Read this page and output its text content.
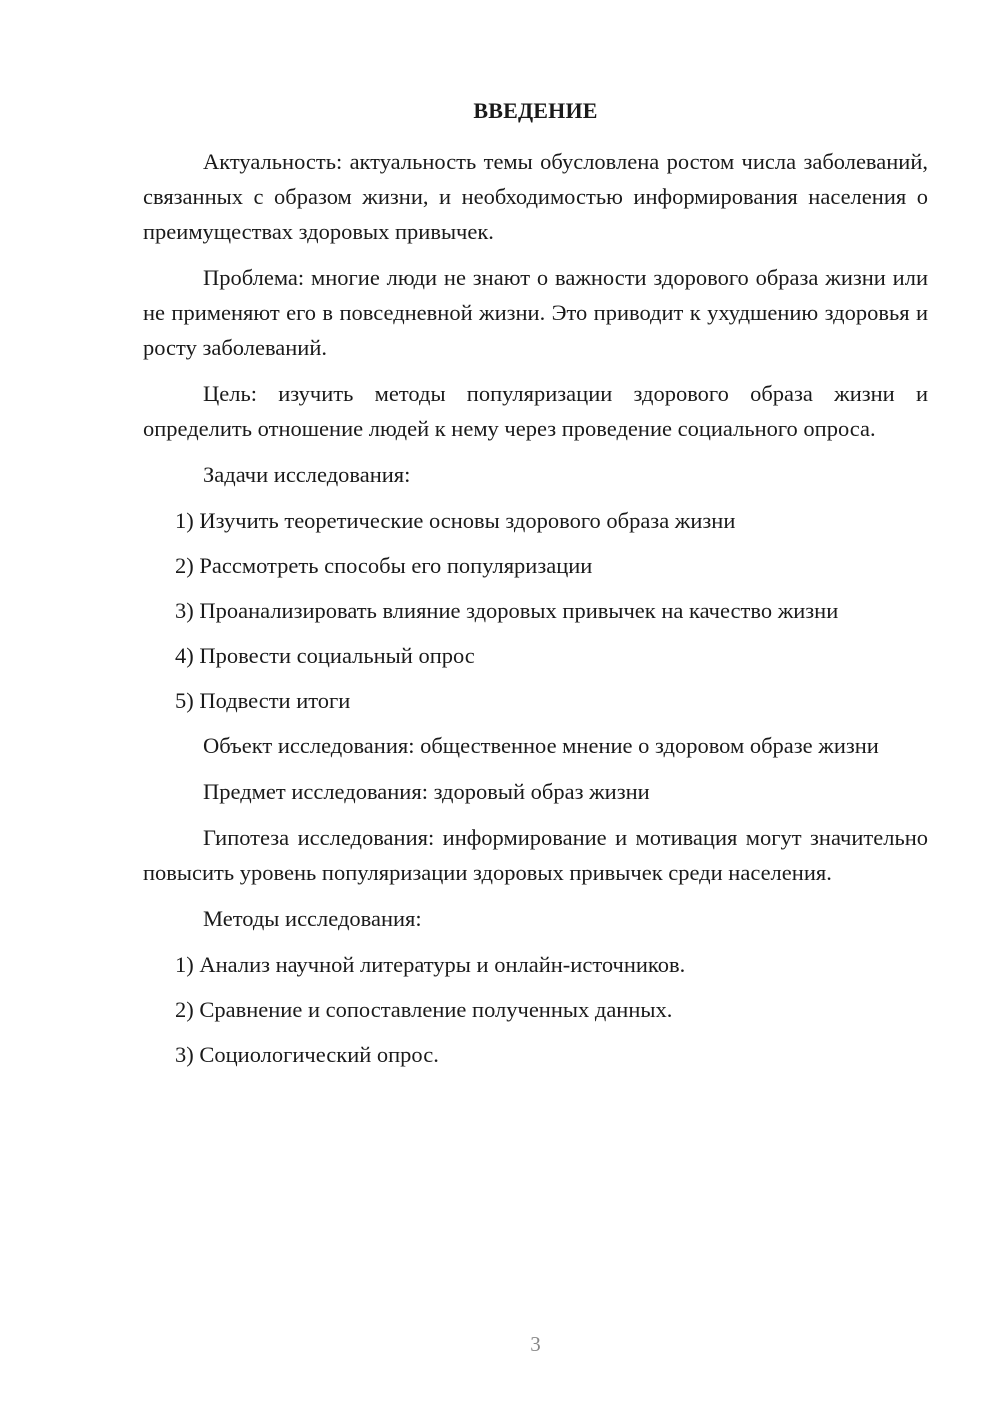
ВВЕДЕНИЕ

Актуальность: актуальность темы обусловлена ростом числа заболеваний, связанных с образом жизни, и необходимостью информирования населения о преимуществах здоровых привычек.

Проблема: многие люди не знают о важности здорового образа жизни или не применяют его в повседневной жизни. Это приводит к ухудшению здоровья и росту заболеваний.

Цель: изучить методы популяризации здорового образа жизни и определить отношение людей к нему через проведение социального опроса.

Задачи исследования:

1) Изучить теоретические основы здорового образа жизни
2) Рассмотреть способы его популяризации
3) Проанализировать влияние здоровых привычек на качество жизни
4) Провести социальный опрос
5) Подвести итоги

Объект исследования: общественное мнение о здоровом образе жизни

Предмет исследования: здоровый образ жизни

Гипотеза исследования: информирование и мотивация могут значительно повысить уровень популяризации здоровых привычек среди населения.

Методы исследования:

1) Анализ научной литературы и онлайн-источников.
2) Сравнение и сопоставление полученных данных.
3) Социологический опрос.
3
